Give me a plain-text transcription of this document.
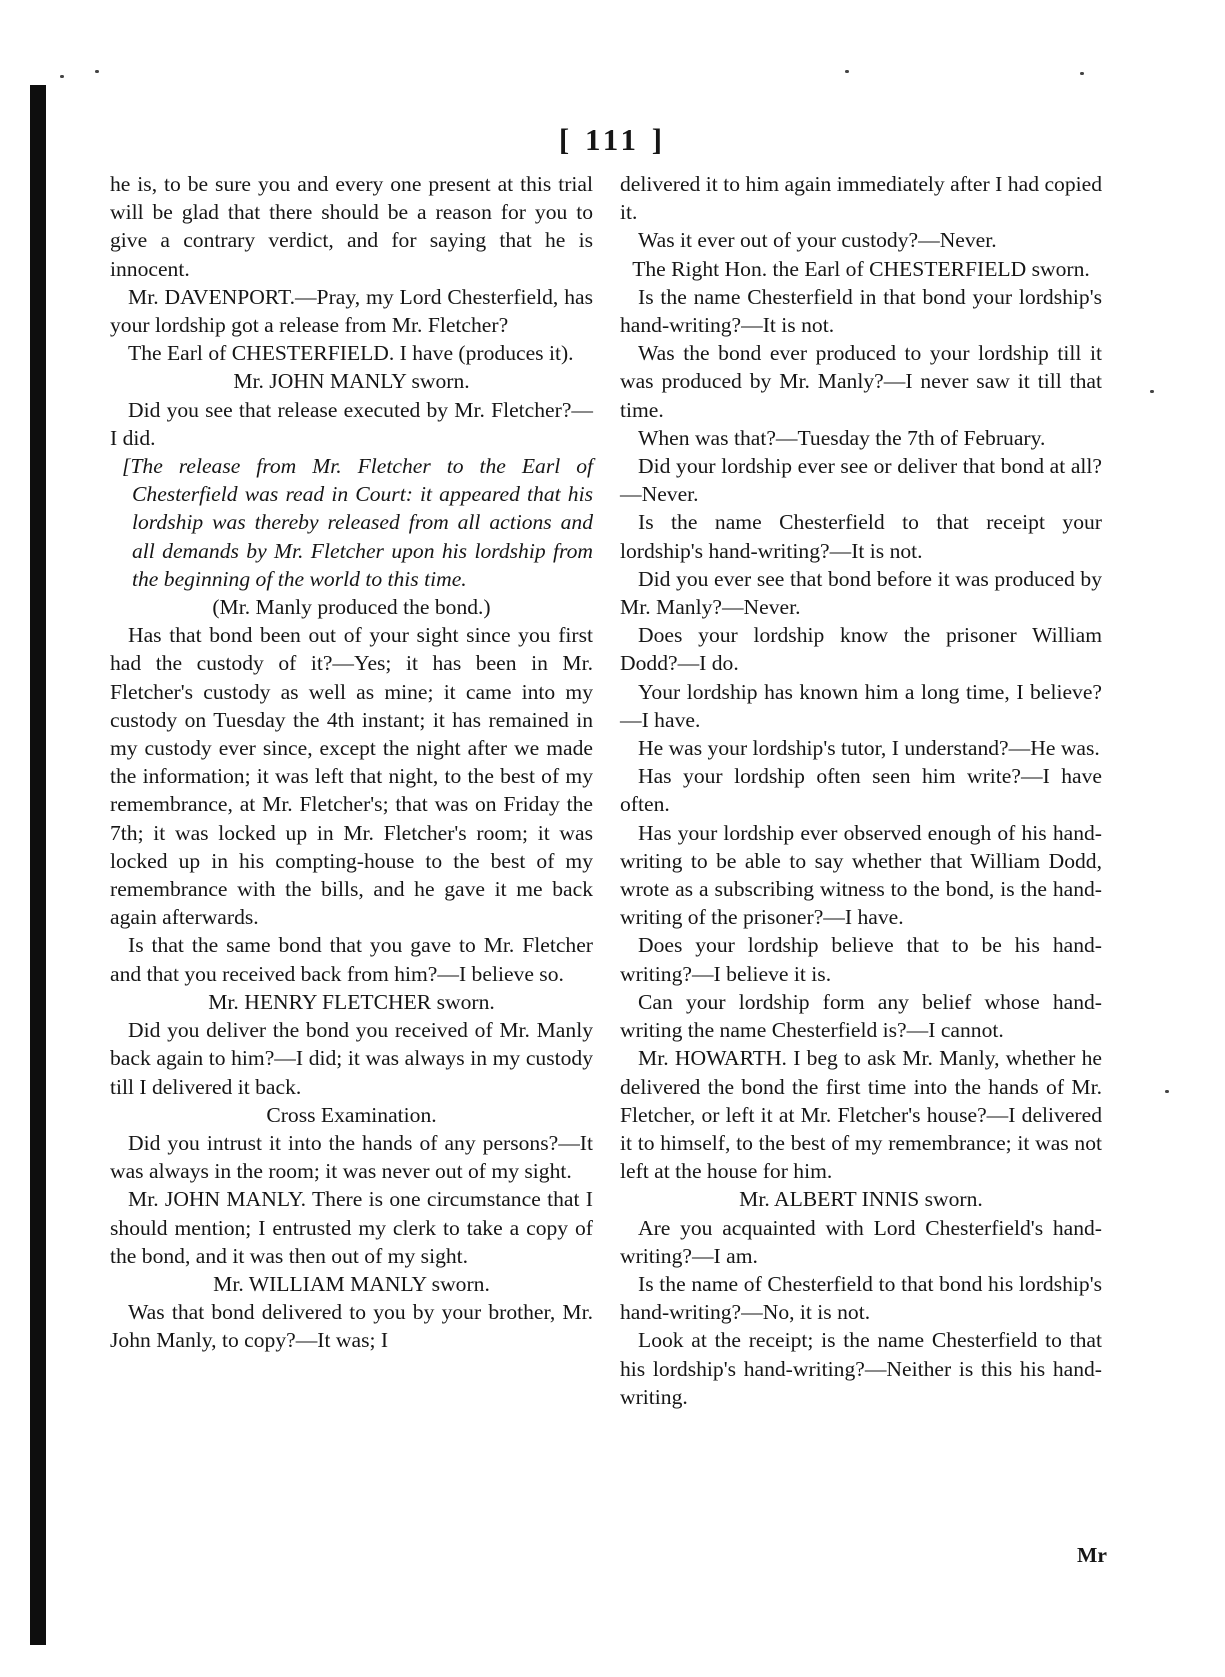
[ 111 ]

he is, to be sure you and every one present at this trial will be glad that there should be a reason for you to give a contrary verdict, and for saying that he is innocent.

Mr. DAVENPORT.—Pray, my Lord Chesterfield, has your lordship got a release from Mr. Fletcher?

The Earl of CHESTERFIELD. I have (produces it).

Mr. JOHN MANLY sworn.

Did you see that release executed by Mr. Fletcher?—I did.

[The release from Mr. Fletcher to the Earl of Chesterfield was read in Court: it appeared that his lordship was thereby released from all actions and all demands by Mr. Fletcher upon his lordship from the beginning of the world to this time.

(Mr. Manly produced the bond.)

Has that bond been out of your sight since you first had the custody of it?—Yes; it has been in Mr. Fletcher's custody as well as mine; it came into my custody on Tuesday the 4th instant; it has remained in my custody ever since, except the night after we made the information; it was left that night, to the best of my remembrance, at Mr. Fletcher's; that was on Friday the 7th; it was locked up in Mr. Fletcher's room; it was locked up in his compting-house to the best of my remembrance with the bills, and he gave it me back again afterwards.

Is that the same bond that you gave to Mr. Fletcher and that you received back from him?—I believe so.

Mr. HENRY FLETCHER sworn.

Did you deliver the bond you received of Mr. Manly back again to him?—I did; it was always in my custody till I delivered it back.

Cross Examination.

Did you intrust it into the hands of any persons?—It was always in the room; it was never out of my sight.

Mr. JOHN MANLY. There is one circumstance that I should mention; I entrusted my clerk to take a copy of the bond, and it was then out of my sight.

Mr. WILLIAM MANLY sworn.

Was that bond delivered to you by your brother, Mr. John Manly, to copy?—It was; I

delivered it to him again immediately after I had copied it.

Was it ever out of your custody?—Never.

The Right Hon. the Earl of CHESTERFIELD sworn.

Is the name Chesterfield in that bond your lordship's hand-writing?—It is not.

Was the bond ever produced to your lordship till it was produced by Mr. Manly?—I never saw it till that time.

When was that?—Tuesday the 7th of February.

Did your lordship ever see or deliver that bond at all?—Never.

Is the name Chesterfield to that receipt your lordship's hand-writing?—It is not.

Did you ever see that bond before it was produced by Mr. Manly?—Never.

Does your lordship know the prisoner William Dodd?—I do.

Your lordship has known him a long time, I believe?—I have.

He was your lordship's tutor, I understand?—He was.

Has your lordship often seen him write?—I have often.

Has your lordship ever observed enough of his hand-writing to be able to say whether that William Dodd, wrote as a subscribing witness to the bond, is the hand-writing of the prisoner?—I have.

Does your lordship believe that to be his hand-writing?—I believe it is.

Can your lordship form any belief whose hand-writing the name Chesterfield is?—I cannot.

Mr. HOWARTH. I beg to ask Mr. Manly, whether he delivered the bond the first time into the hands of Mr. Fletcher, or left it at Mr. Fletcher's house?—I delivered it to himself, to the best of my remembrance; it was not left at the house for him.

Mr. ALBERT INNIS sworn.

Are you acquainted with Lord Chesterfield's hand-writing?—I am.

Is the name of Chesterfield to that bond his lordship's hand-writing?—No, it is not.

Look at the receipt; is the name Chesterfield to that his lordship's hand-writing?—Neither is this his hand-writing.

Mr
